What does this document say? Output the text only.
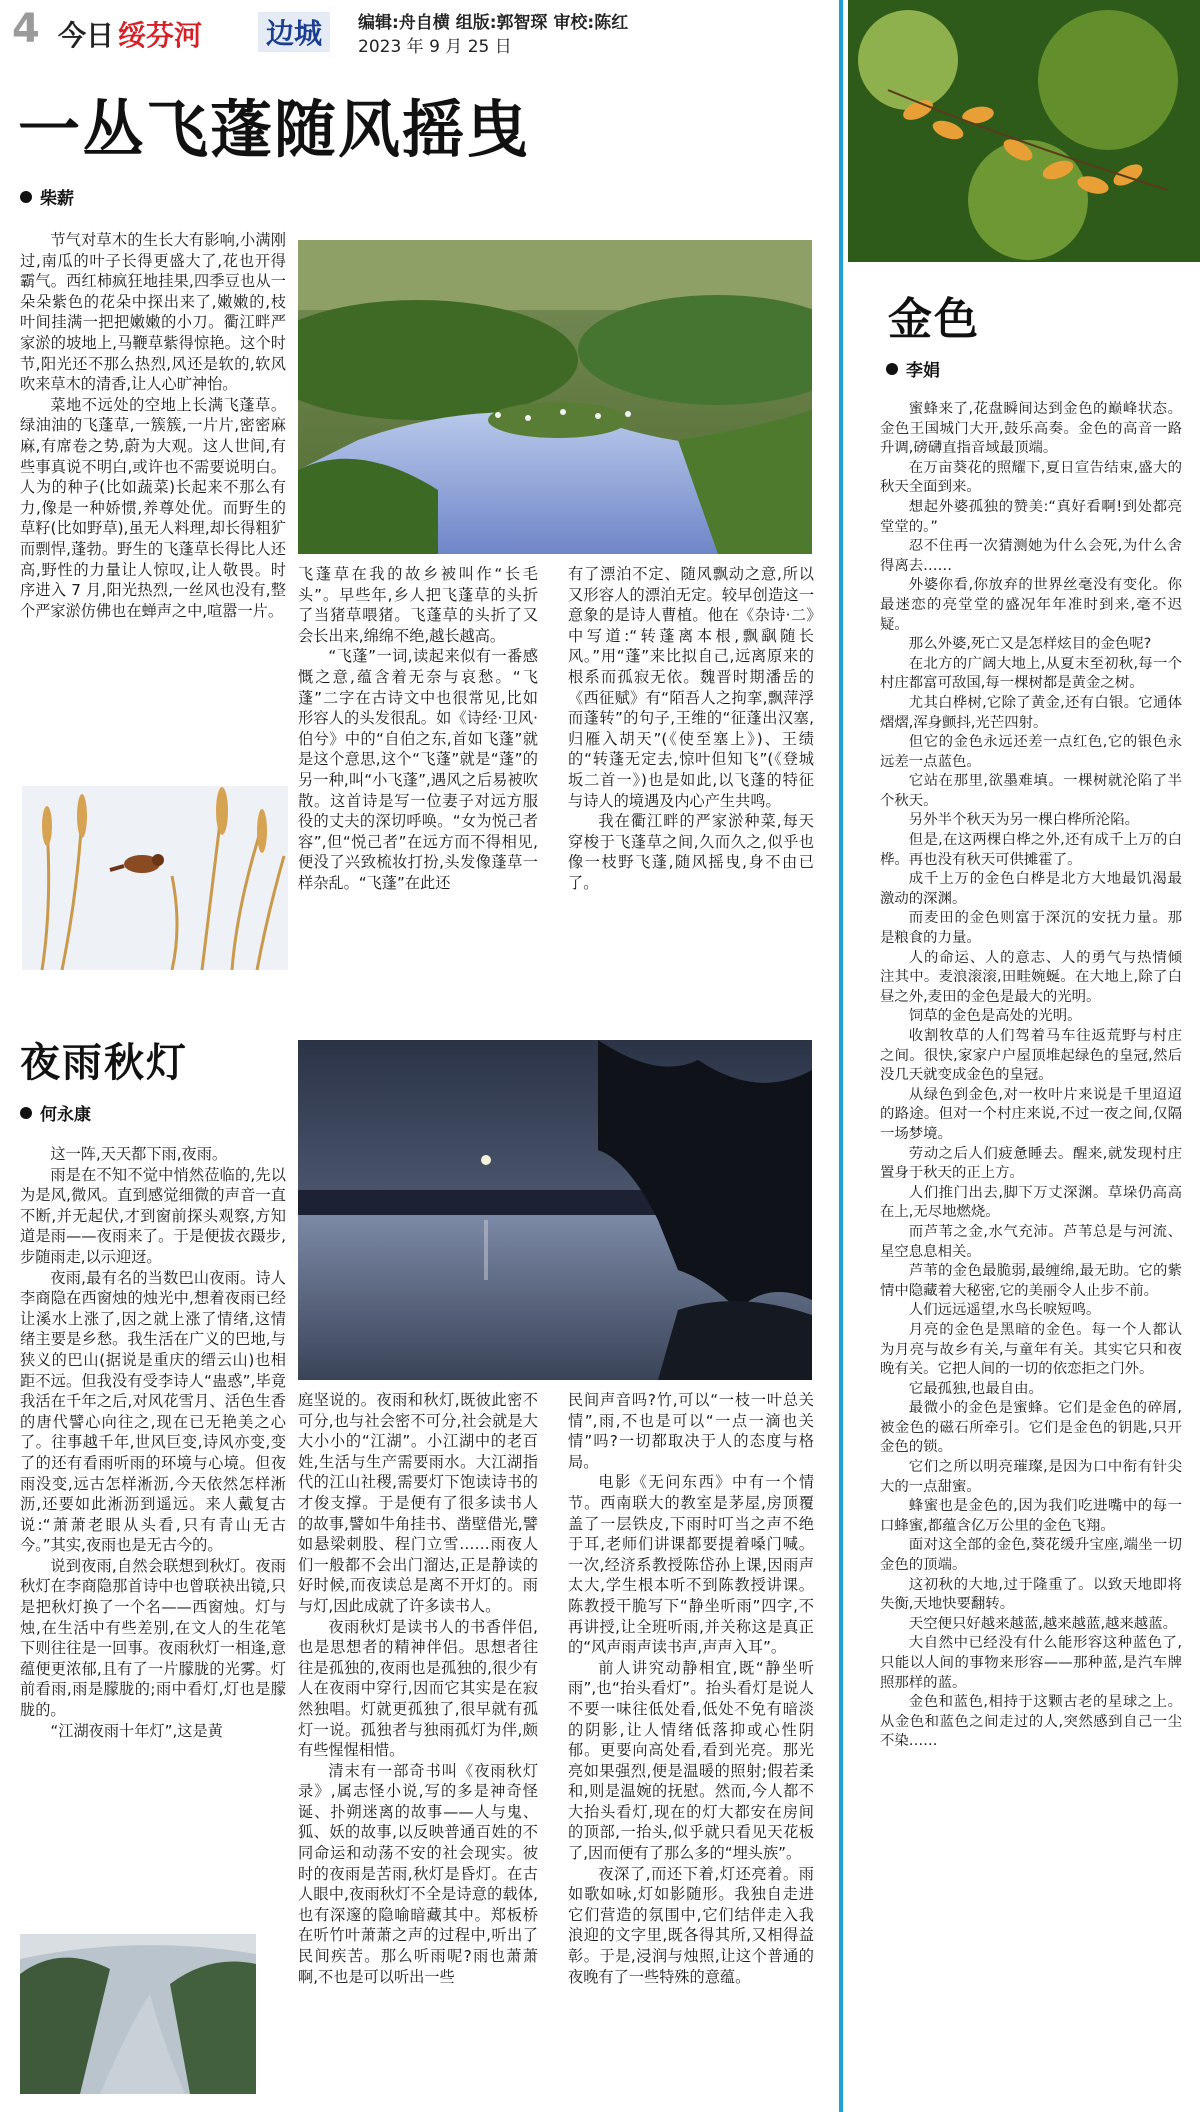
4 今日 绥芬河 边城	编辑:舟自横 组版:郭智琛 审校:陈红
2023 年 9 月 25 日
一丛飞蓬随风摇曳
柴薪

节气对草木的生长大有影响,小满刚过,南瓜的叶子长得更盛大了,花也开得霸气。西红柿疯狂地挂果,四季豆也从一朵朵紫色的花朵中探出来了,嫩嫩的,枝叶间挂满一把把嫩嫩的小刀。衢江畔严家淤的坡地上,马鞭草紫得惊艳。这个时节,阳光还不那么热烈,风还是软的,软风吹来草木的清香,让人心旷神怡。

菜地不远处的空地上长满飞蓬草。绿油油的飞蓬草,一簇簇,一片片,密密麻麻,有席卷之势,蔚为大观。这人世间,有些事真说不明白,或许也不需要说明白。人为的种子(比如蔬菜)长起来不那么有力,像是一种娇惯,养尊处优。而野生的草籽(比如野草),虽无人料理,却长得粗犷而剽悍,蓬勃。野生的飞蓬草长得比人还高,野性的力量让人惊叹,让人敬畏。时序进入 7 月,阳光热烈,一丝风也没有,整个严家淤仿佛也在蝉声之中,喧嚣一片。

飞蓬草在我的故乡被叫作“长毛头”。早些年,乡人把飞蓬草的头折了当猪草喂猪。飞蓬草的头折了又会长出来,绵绵不绝,越长越高。

“飞蓬”一词,读起来似有一番感慨之意,蕴含着无奈与哀愁。“飞蓬”二字在古诗文中也很常见,比如形容人的头发很乱。如《诗经·卫风·伯兮》中的“自伯之东,首如飞蓬”就是这个意思,这个“飞蓬”就是“蓬”的另一种,叫“小飞蓬”,遇风之后易被吹散。这首诗是写一位妻子对远方服役的丈夫的深切呼唤。“女为悦己者容”,但“悦己者”在远方而不得相见,便没了兴致梳妆打扮,头发像蓬草一样杂乱。“飞蓬”在此还

有了漂泊不定、随风飘动之意,所以又形容人的漂泊无定。较早创造这一意象的是诗人曹植。他在《杂诗·二》中写道:“转蓬离本根,飘飖随长风。”用“蓬”来比拟自己,远离原来的根系而孤寂无依。魏晋时期潘岳的《西征赋》有“陌吾人之拘挛,飘萍浮而蓬转”的句子,王维的“征蓬出汉塞,归雁入胡天”(《使至塞上》)、王绩的“转蓬无定去,惊叶但知飞”(《登城坂二首一》)也是如此,以飞蓬的特征与诗人的境遇及内心产生共鸣。

我在衢江畔的严家淤种菜,每天穿梭于飞蓬草之间,久而久之,似乎也像一枝野飞蓬,随风摇曳,身不由已了。

夜雨秋灯
何永康

这一阵,天天都下雨,夜雨。

雨是在不知不觉中悄然莅临的,先以为是风,微风。直到感觉细微的声音一直不断,并无起伏,才到窗前探头观察,方知道是雨——夜雨来了。于是便拔衣蹑步,步随雨走,以示迎迓。

夜雨,最有名的当数巴山夜雨。诗人李商隐在西窗烛的烛光中,想着夜雨已经让溪水上涨了,因之就上涨了情绪,这情绪主要是乡愁。我生活在广义的巴地,与狭义的巴山(据说是重庆的缙云山)也相距不远。但我没有受李诗人“蛊惑”,毕竟我活在千年之后,对风花雪月、活色生香的唐代譬心向往之,现在已无艳美之心了。往事越千年,世风巨变,诗风亦变,变了的还有看雨听雨的环境与心境。但夜雨没变,远古怎样淅沥,今天依然怎样淅沥,还要如此淅沥到遥远。来人戴复古说:“萧萧老眼从头看,只有青山无古今。”其实,夜雨也是无古今的。

说到夜雨,自然会联想到秋灯。夜雨秋灯在李商隐那首诗中也曾联袂出镜,只是把秋灯换了一个名——西窗烛。灯与烛,在生活中有些差别,在文人的生花笔下则往往是一回事。夜雨秋灯一相逢,意蕴便更浓郁,且有了一片朦胧的光雾。灯前看雨,雨是朦胧的;雨中看灯,灯也是朦胧的。

“江湖夜雨十年灯”,这是黄

庭坚说的。夜雨和秋灯,既彼此密不可分,也与社会密不可分,社会就是大大小小的“江湖”。小江湖中的老百姓,生活与生产需要雨水。大江湖指代的江山社稷,需要灯下饱读诗书的才俊支撑。于是便有了很多读书人的故事,譬如牛角挂书、凿壁借光,譬如悬梁刺股、程门立雪……雨夜人们一般都不会出门溜达,正是静读的好时候,而夜读总是离不开灯的。雨与灯,因此成就了许多读书人。

夜雨秋灯是读书人的书香伴侣,也是思想者的精神伴侣。思想者往往是孤独的,夜雨也是孤独的,很少有人在夜雨中穿行,因而它其实是在寂然独唱。灯就更孤独了,很早就有孤灯一说。孤独者与独雨孤灯为伴,颇有些惺惺相惜。

清末有一部奇书叫《夜雨秋灯录》,属志怪小说,写的多是神奇怪诞、扑朔迷离的故事——人与鬼、狐、妖的故事,以反映普通百姓的不同命运和动荡不安的社会现实。彼时的夜雨是苦雨,秋灯是昏灯。在古人眼中,夜雨秋灯不全是诗意的载体,也有深邃的隐喻暗藏其中。郑板桥在听竹叶萧萧之声的过程中,听出了民间疾苦。那么听雨呢?雨也萧萧啊,不也是可以听出一些

民间声音吗?竹,可以“一枝一叶总关情”,雨,不也是可以“一点一滴也关情”吗?一切都取决于人的态度与格局。

电影《无问东西》中有一个情节。西南联大的教室是茅屋,房顶覆盖了一层铁皮,下雨时叮当之声不绝于耳,老师们讲课都要提着嗓门喊。一次,经济系教授陈岱孙上课,因雨声太大,学生根本听不到陈教授讲课。陈教授干脆写下“静坐听雨”四字,不再讲授,让全班听雨,并关称这是真正的“风声雨声读书声,声声入耳”。

前人讲究动静相宜,既“静坐听雨”,也“抬头看灯”。抬头看灯是说人不要一味往低处看,低处不免有暗淡的阴影,让人情绪低落抑或心性阴郁。更要向高处看,看到光亮。那光亮如果强烈,便是温暖的照射;假若柔和,则是温婉的抚慰。然而,今人都不大抬头看灯,现在的灯大都安在房间的顶部,一抬头,似乎就只看见天花板了,因而便有了那么多的“埋头族”。

夜深了,而还下着,灯还亮着。雨如歌如咏,灯如影随形。我独自走进它们营造的氛围中,它们结伴走入我浪迎的文字里,既各得其所,又相得益彰。于是,浸润与烛照,让这个普通的夜晚有了一些特殊的意蕴。

金色
李娟

蜜蜂来了,花盘瞬间达到金色的巅峰状态。金色王国城门大开,鼓乐高奏。金色的高音一路升调,磅礴直指音域最顶端。

在万亩葵花的照耀下,夏日宣告结束,盛大的秋天全面到来。

想起外婆孤独的赞美:“真好看啊!到处都亮堂堂的。”

忍不住再一次猜测她为什么会死,为什么舍得离去……

外婆你看,你放弃的世界丝毫没有变化。你最迷恋的亮堂堂的盛况年年准时到来,毫不迟疑。

那么外婆,死亡又是怎样炫目的金色呢?

在北方的广阔大地上,从夏末至初秋,每一个村庄都富可敌国,每一棵树都是黄金之树。

尤其白桦树,它除了黄金,还有白银。它通体熠熠,浑身颤抖,光芒四射。

但它的金色永远还差一点红色,它的银色永远差一点蓝色。

它站在那里,欲墨难填。一棵树就沦陷了半个秋天。

另外半个秋天为另一棵白桦所沦陷。

但是,在这两棵白桦之外,还有成千上万的白桦。再也没有秋天可供摊霍了。

成千上万的金色白桦是北方大地最饥渴最激动的深渊。

而麦田的金色则富于深沉的安抚力量。那是粮食的力量。

人的命运、人的意志、人的勇气与热情倾注其中。麦浪滚滚,田畦婉蜒。在大地上,除了白昼之外,麦田的金色是最大的光明。

饲草的金色是高处的光明。

收割牧草的人们驾着马车往返荒野与村庄之间。很快,家家户户屋顶堆起绿色的皇冠,然后没几天就变成金色的皇冠。

从绿色到金色,对一枚叶片来说是千里迢迢的路途。但对一个村庄来说,不过一夜之间,仅隔一场梦境。

劳动之后人们疲惫睡去。醒来,就发现村庄置身于秋天的正上方。

人们推门出去,脚下万丈深渊。草垛仍高高在上,无尽地燃烧。

而芦苇之金,水气充沛。芦苇总是与河流、星空息息相关。

芦苇的金色最脆弱,最缠绵,最无助。它的紫情中隐藏着大秘密,它的美丽令人止步不前。

人们远远遥望,水鸟长唳短鸣。

月亮的金色是黑暗的金色。每一个人都认为月亮与故乡有关,与童年有关。其实它只和夜晚有关。它把人间的一切的依恋拒之门外。

它最孤独,也最自由。

最微小的金色是蜜蜂。它们是金色的碎屑,被金色的磁石所牵引。它们是金色的钥匙,只开金色的锁。

它们之所以明亮璀璨,是因为口中衔有针尖大的一点甜蜜。

蜂蜜也是金色的,因为我们吃进嘴中的每一口蜂蜜,都蕴含亿万公里的金色飞翔。

面对这全部的金色,葵花缓升宝座,端坐一切金色的顶端。

这初秋的大地,过于隆重了。以致天地即将失衡,天地快要翻转。

天空便只好越来越蓝,越来越蓝,越来越蓝。

大自然中已经没有什么能形容这种蓝色了,只能以人间的事物来形容——那种蓝,是汽车牌照那样的蓝。

金色和蓝色,相持于这颗古老的星球之上。从金色和蓝色之间走过的人,突然感到自己一尘不染……
